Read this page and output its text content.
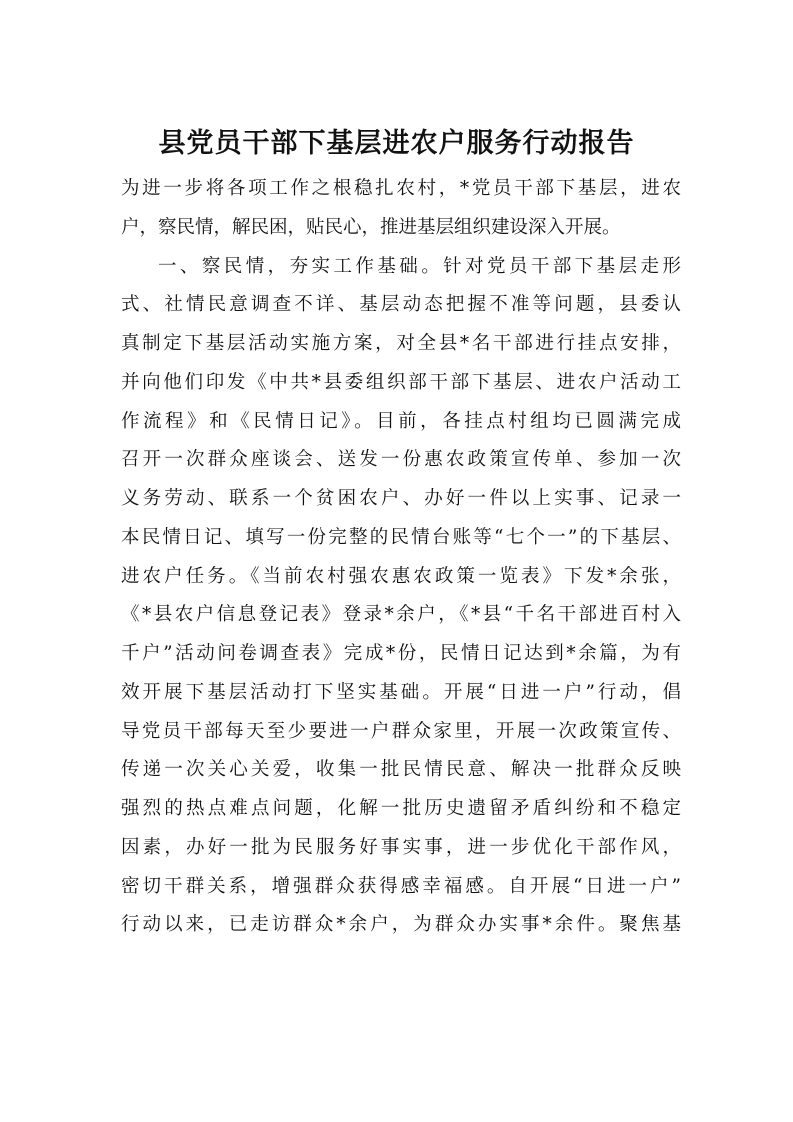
县党员干部下基层进农户服务行动报告
为进一步将各项工作之根稳扎农村，*党员干部下基层，进农
户，察民情，解民困，贴民心，推进基层组织建设深入开展。
一、察民情，夯实工作基础。针对党员干部下基层走形
式、社情民意调查不详、基层动态把握不准等问题，县委认
真制定下基层活动实施方案，对全县*名干部进行挂点安排，
并向他们印发《中共*县委组织部干部下基层、进农户活动工
作流程》和《民情日记》。目前，各挂点村组均已圆满完成
召开一次群众座谈会、送发一份惠农政策宣传单、参加一次
义务劳动、联系一个贫困农户、办好一件以上实事、记录一
本民情日记、填写一份完整的民情台账等“七个一”的下基层、
进农户任务。《当前农村强农惠农政策一览表》下发*余张，
《*县农户信息登记表》登录*余户，《*县“千名干部进百村入
千户”活动问卷调查表》完成*份，民情日记达到*余篇，为有
效开展下基层活动打下坚实基础。开展“日进一户”行动，倡
导党员干部每天至少要进一户群众家里，开展一次政策宣传、
传递一次关心关爱，收集一批民情民意、解决一批群众反映
强烈的热点难点问题，化解一批历史遗留矛盾纠纷和不稳定
因素，办好一批为民服务好事实事，进一步优化干部作风，
密切干群关系，增强群众获得感幸福感。自开展“日进一户”
行动以来，已走访群众*余户，为群众办实事*余件。聚焦基
